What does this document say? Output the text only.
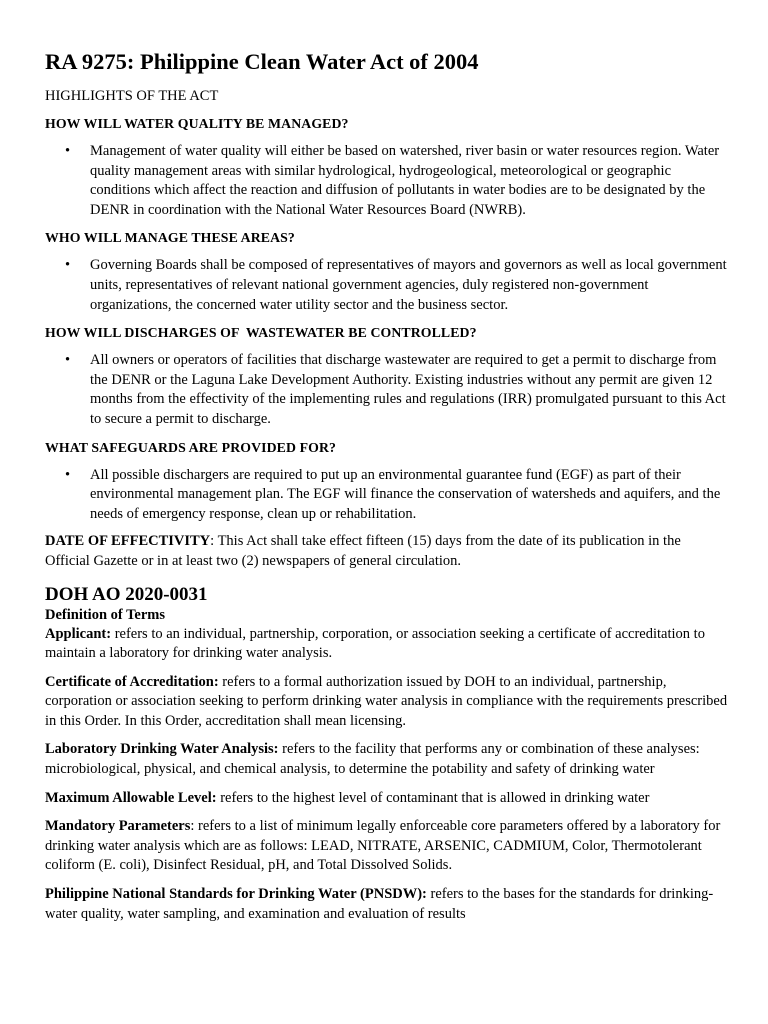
RA 9275: Philippine Clean Water Act of 2004
HIGHLIGHTS OF THE ACT
HOW WILL WATER QUALITY BE MANAGED?
• Management of water quality will either be based on watershed, river basin or water resources region. Water quality management areas with similar hydrological, hydrogeological, meteorological or geographic conditions which affect the reaction and diffusion of pollutants in water bodies are to be designated by the DENR in coordination with the National Water Resources Board (NWRB).
WHO WILL MANAGE THESE AREAS?
• Governing Boards shall be composed of representatives of mayors and governors as well as local government units, representatives of relevant national government agencies, duly registered non-government organizations, the concerned water utility sector and the business sector.
HOW WILL DISCHARGES OF  WASTEWATER BE CONTROLLED?
• All owners or operators of facilities that discharge wastewater are required to get a permit to discharge from the DENR or the Laguna Lake Development Authority. Existing industries without any permit are given 12 months from the effectivity of the implementing rules and regulations (IRR) promulgated pursuant to this Act to secure a permit to discharge.
WHAT SAFEGUARDS ARE PROVIDED FOR?
• All possible dischargers are required to put up an environmental guarantee fund (EGF) as part of their environmental management plan. The EGF will finance the conservation of watersheds and aquifers, and the needs of emergency response, clean up or rehabilitation.

DATE OF EFFECTIVITY: This Act shall take effect fifteen (15) days from the date of its publication in the Official Gazette or in at least two (2) newspapers of general circulation.

DOH AO 2020-0031
Definition of Terms

Applicant: refers to an individual, partnership, corporation, or association seeking a certificate of accreditation to maintain a laboratory for drinking water analysis.

Certificate of Accreditation: refers to a formal authorization issued by DOH to an individual, partnership, corporation or association seeking to perform drinking water analysis in compliance with the requirements prescribed in this Order. In this Order, accreditation shall mean licensing.

Laboratory Drinking Water Analysis: refers to the facility that performs any or combination of these analyses: microbiological, physical, and chemical analysis, to determine the potability and safety of drinking water

Maximum Allowable Level: refers to the highest level of contaminant that is allowed in drinking water

Mandatory Parameters: refers to a list of minimum legally enforceable core parameters offered by a laboratory for drinking water analysis which are as follows: LEAD, NITRATE, ARSENIC, CADMIUM, Color, Thermotolerant coliform (E. coli), Disinfect Residual, pH, and Total Dissolved Solids.

Philippine National Standards for Drinking Water (PNSDW): refers to the bases for the standards for drinking-water quality, water sampling, and examination and evaluation of results
